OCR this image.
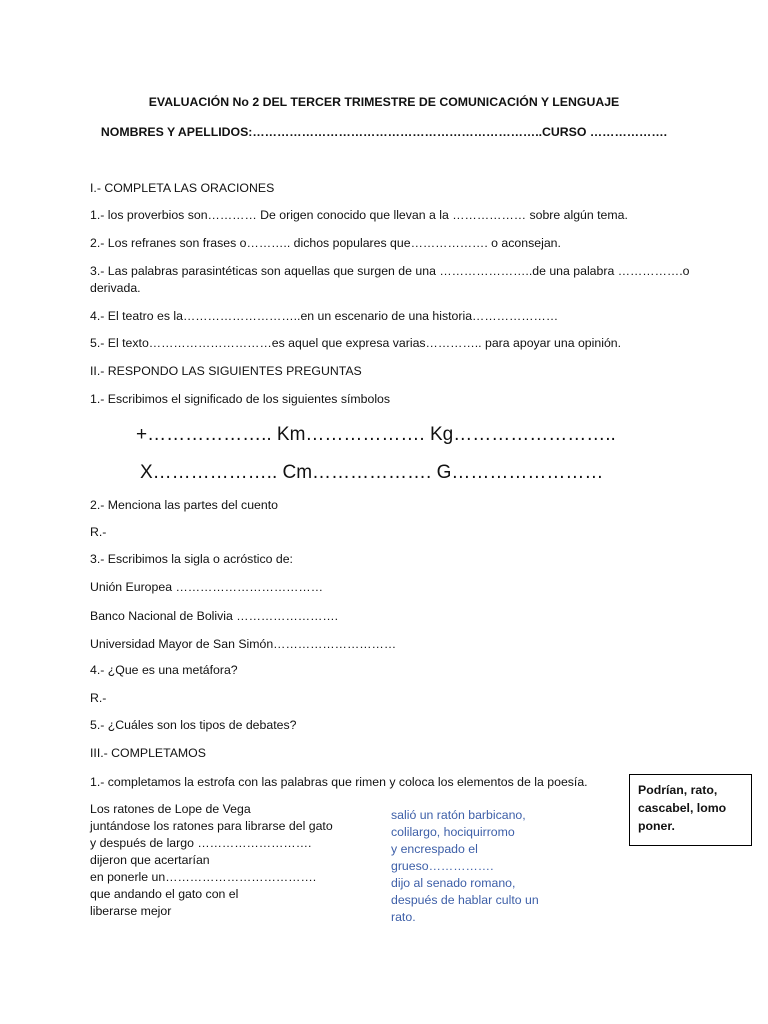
EVALUACIÓN No 2 DEL TERCER TRIMESTRE DE COMUNICACIÓN Y LENGUAJE
NOMBRES Y APELLIDOS:……………………………………………………………..CURSO ……………….
I.- COMPLETA LAS ORACIONES
1.- los proverbios son………… De origen conocido que llevan a la ……………… sobre algún tema.
2.- Los refranes son frases o……….. dichos populares que………………. o aconsejan.
3.- Las palabras parasintéticas son aquellas que surgen de una …………………..de una palabra …………….o
derivada.
4.- El teatro es la………………………..en un escenario de una historia…………………
5.- El texto…………………………es aquel que expresa varias………….. para apoyar una opinión.
II.- RESPONDO LAS SIGUIENTES PREGUNTAS
1.- Escribimos el significado de los siguientes símbolos
+……………….. Km………………. Kg……………………..
X……………….. Cm………………. G……………………
2.- Menciona las partes del cuento
R.-
3.- Escribimos la sigla o acróstico de:
Unión Europea ………………………………
Banco Nacional de Bolivia …………………….
Universidad Mayor de San Simón…………………………
4.- ¿Que es una metáfora?
R.-
5.- ¿Cuáles son los tipos de debates?
III.- COMPLETAMOS
1.- completamos la estrofa con las palabras que rimen y coloca los elementos de la poesía.
Podrían, rato,
cascabel, lomo
poner.
Los ratones de Lope de Vega
juntándose los ratones para librarse del gato
y después de largo ……………………….
dijeron que acertarían
en ponerle un……………………………….
que andando el gato con el
liberarse mejor
salió un ratón barbicano,
colilargo, hociquirromo
y encrespado el
grueso…………….
dijo al senado romano,
después de hablar culto un
rato.
